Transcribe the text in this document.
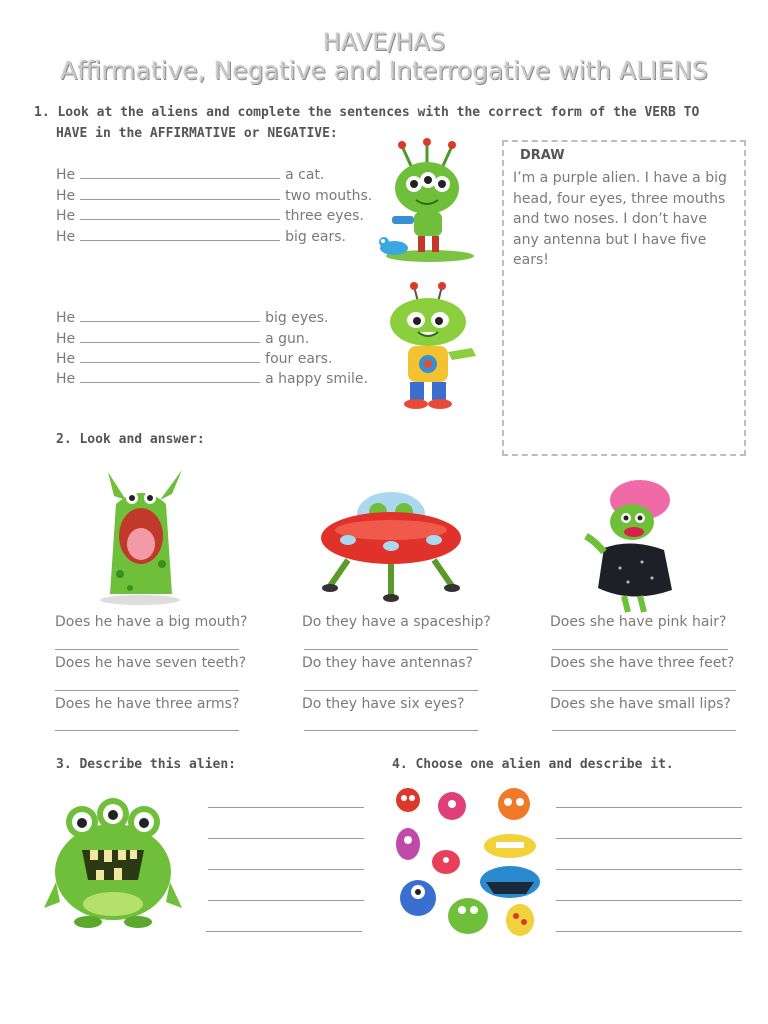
HAVE/HAS
Affirmative, Negative and Interrogative with ALIENS
1. Look at the aliens and complete the sentences with the correct form of the VERB TO
HAVE in the AFFIRMATIVE or NEGATIVE:
He	a cat.
He	two mouths.
He	three eyes.
He	big ears.
He	big eyes.
He	a gun.
He	four ears.
He	a happy smile.
DRAW
I’m a purple alien. I have a big
head, four eyes, three mouths
and two noses. I don’t have
any antenna but I have five
ears!
2. Look and answer:
Does he have a big mouth?
Does he have seven teeth?
Does he have three arms?
Do they have a spaceship?
Do they have antennas?
Do they have six eyes?
Does she have pink hair?
Does she have three feet?
Does she have small lips?
3. Describe this alien:	4. Choose one alien and describe it.
